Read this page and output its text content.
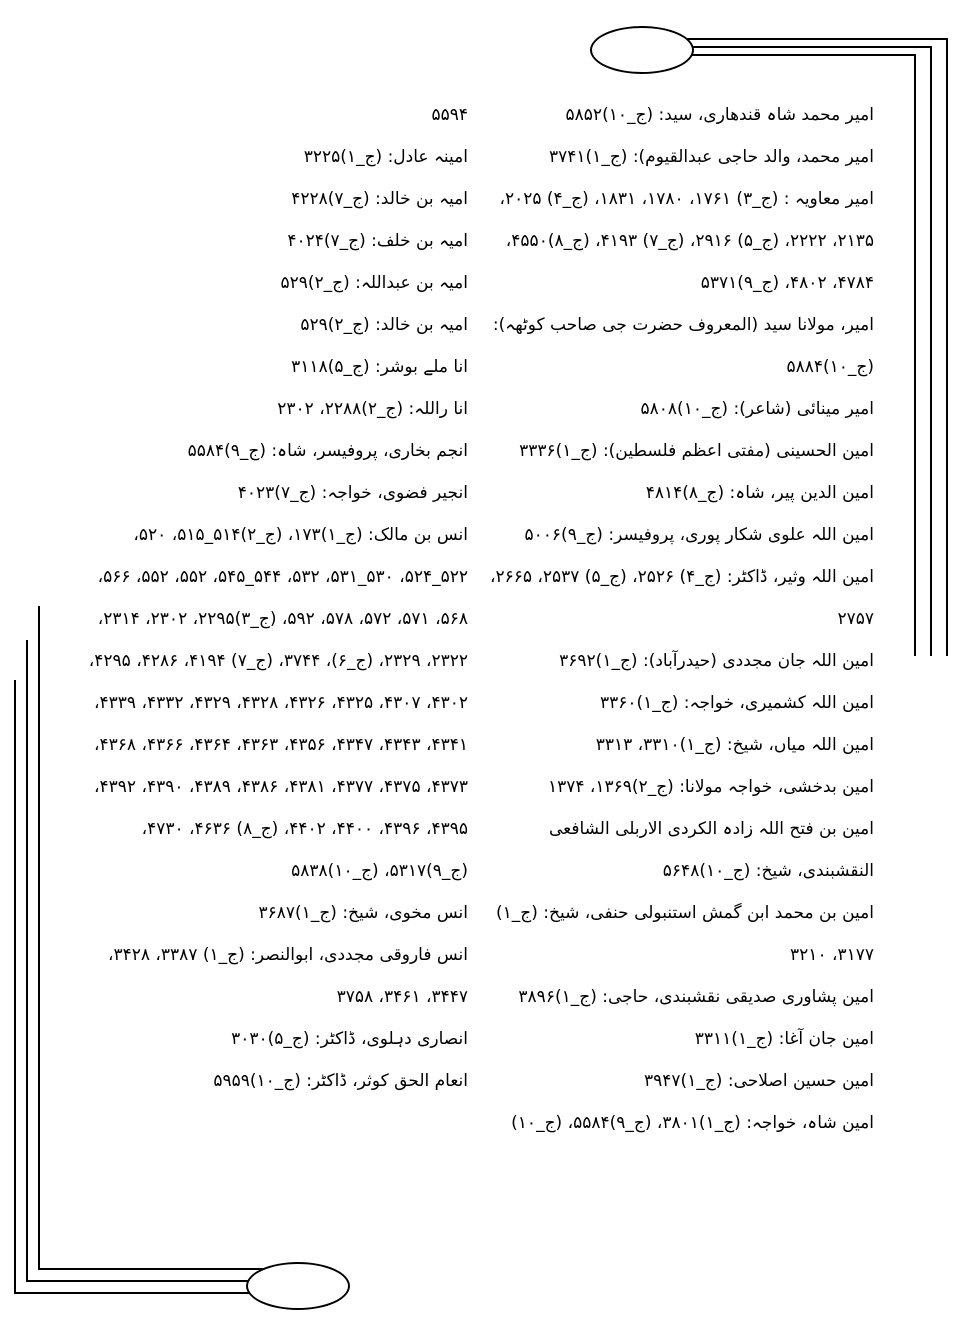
امیر محمد شاہ قندھاری، سید: (ج_۱۰)۵۸۵۲
امیر محمد، والد حاجی عبدالقیوم): (ج_۱)۳۷۴۱
امیر معاویہ : (ج_۳) ۱۷۶۱، ۱۷۸۰، ۱۸۳۱، (ج_۴) ۲۰۲۵، ۲۱۳۵، ۲۲۲۲، (ج_۵) ۲۹۱۶، (ج_۷) ۴۱۹۳، (ج_۸)۴۵۵۰، ۴۷۸۴، ۴۸۰۲، (ج_۹)۵۳۷۱
امیر، مولانا سید (المعروف حضرت جی صاحب کوٹھہ): (ج_۱۰)۵۸۸۴
امیر مینائی (شاعر): (ج_۱۰)۵۸۰۸
امین الحسینی (مفتی اعظم فلسطین): (ج_۱)۳۳۳۶
امین الدین پیر، شاہ: (ج_۸)۴۸۱۴
امین اللہ علوی شکار پوری، پروفیسر: (ج_۹)۵۰۰۶
امین اللہ وثیر، ڈاکٹر: (ج_۴) ۲۵۲۶، (ج_۵) ۲۵۳۷، ۲۶۶۵، ۲۷۵۷
امین اللہ جان مجددی (حیدرآباد): (ج_۱)۳۶۹۲
امین اللہ کشمیری، خواجہ: (ج_۱)۳۳۶۰
امین اللہ میاں، شیخ: (ج_۱)۳۳۱۰، ۳۳۱۳
امین بدخشی، خواجہ مولانا: (ج_۲)۱۳۶۹، ۱۳۷۴
امین بن فتح اللہ زادہ الکردی الاربلی الشافعی النقشبندی، شیخ: (ج_۱۰)۵۶۴۸
امین بن محمد ابن گمش استنبولی حنفی، شیخ: (ج_۱) ۳۱۷۷، ۳۲۱۰
امین پشاوری صدیقی نقشبندی، حاجی: (ج_۱)۳۸۹۶
امین جان آغا: (ج_۱)۳۳۱۱
امین حسین اصلاحی: (ج_۱)۳۹۴۷
امین شاہ، خواجہ: (ج_۱)۳۸۰۱، (ج_۹)۵۵۸۴، (ج_۱۰)
۵۵۹۴
امینہ عادل: (ج_۱)۳۲۲۵
امیہ بن خالد: (ج_۷)۴۲۲۸
امیہ بن خلف: (ج_۷)۴۰۲۴
امیہ بن عبداللہ: (ج_۲)۵۲۹
امیہ بن خالد: (ج_۲)۵۲۹
انا ملے بوشر: (ج_۵)۳۱۱۸
انا راللہ: (ج_۲)۲۲۸۸، ۲۳۰۲
انجم بخاری، پروفیسر، شاہ: (ج_۹)۵۵۸۴
انجیر فضوی، خواجہ: (ج_۷)۴۰۲۳
انس بن مالک: (ج_۱)۱۷۳، (ج_۲)۵۱۴_۵۱۵، ۵۲۰، ۵۲۲_۵۲۴، ۵۳۰_۵۳۱، ۵۳۲، ۵۴۴_۵۴۵، ۵۵۲، ۵۵۲، ۵۶۶، ۵۶۸، ۵۷۱، ۵۷۲، ۵۷۸، ۵۹۲، (ج_۳)۲۲۹۵، ۲۳۰۲، ۲۳۱۴، ۲۳۲۲، ۲۳۲۹، (ج_۶)، ۳۷۴۴، (ج_۷) ۴۱۹۴، ۴۲۸۶، ۴۲۹۵، ۴۳۰۲، ۴۳۰۷، ۴۳۲۵، ۴۳۲۶، ۴۳۲۸، ۴۳۲۹، ۴۳۳۲، ۴۳۳۹، ۴۳۴۱، ۴۳۴۳، ۴۳۴۷، ۴۳۵۶، ۴۳۶۳، ۴۳۶۴، ۴۳۶۶، ۴۳۶۸، ۴۳۷۳، ۴۳۷۵، ۴۳۷۷، ۴۳۸۱، ۴۳۸۶، ۴۳۸۹، ۴۳۹۰، ۴۳۹۲، ۴۳۹۵، ۴۳۹۶، ۴۴۰۰، ۴۴۰۲، (ج_۸) ۴۶۳۶، ۴۷۳۰، (ج_۹)۵۳۱۷، (ج_۱۰)۵۸۳۸
انس مخوی، شیخ: (ج_۱)۳۶۸۷
انس فاروقی مجددی، ابوالنصر: (ج_۱) ۳۳۸۷، ۳۴۲۸، ۳۴۴۷، ۳۴۶۱، ۳۷۵۸
انصاری دہلوی، ڈاکٹر: (ج_۵)۳۰۳۰
انعام الحق کوثر، ڈاکٹر: (ج_۱۰)۵۹۵۹
